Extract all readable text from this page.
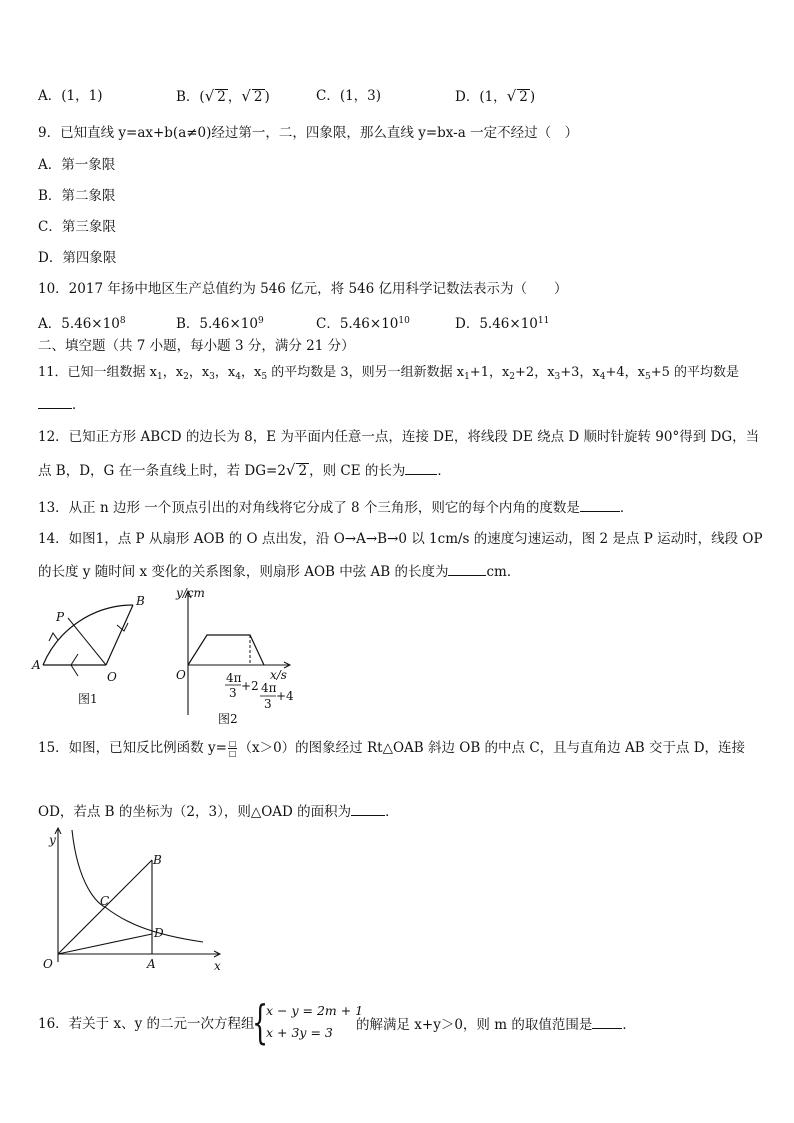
A．(1，1)	B．(√ 2 ，√ 2 )	C．(1，3)	D．(1，√ 2 )
9．已知直线 y=ax+b(a≠0)经过第一，二，四象限，那么直线 y=bx-a 一定不经过（　）
A．第一象限
B．第二象限
C．第三象限
D．第四象限
10．2017 年扬中地区生产总值约为 546 亿元，将 546 亿用科学记数法表示为（　　）
A．$5.46\times 10^8$	B．$5.46\times 10^9$	C．$5.46\times 10^{10}$	D．$5.46\times 10^{11}$
二、填空题（共 7 小题，每小题 3 分，满分 21 分）
11．已知一组数据 $x_1$，$x_2$，$x_3$，$x_4$，$x_5$ 的平均数是 3，则另一组新数据 $x_1+1$，$x_2+2$，$x_3+3$，$x_4+4$，$x_5+5$ 的平均数是
．
12．已知正方形 ABCD 的边长为 8，E 为平面内任意一点，连接 DE，将线段 DE 绕点 D 顺时针旋转 90°得到 DG，当
点 B，D，G 在一条直线上时，若 DG=2√ 2 ，则 CE 的长为 ．
13．从正 n 边形 一个顶点引出的对角线将它分成了 8 个三角形，则它的每个内角的度数是	．
14．如图1，点 P 从扇形 AOB 的 O 点出发，沿 O→A→B→0 以 1cm/s 的速度匀速运动，图 2 是点 P 运动时，线段 OP
的长度 y 随时间 x 变化的关系图象，则扇形 AOB 中弦 AB 的长度为	cm．
A
O
B
P
图1
y/cm
x/s
O	4π
3 +2 4π
3
+4
图2
15．如图，已知反比例函数 $y= \frac{□}{□} (x>0)$的图象经过 Rt△OAB 斜边 OB 的中点 C，且与直角边 AB 交于点 D，连接
OD，若点 B 的坐标为（2，3），则△OAD 的面积为	．
y
x
O	A
B
C
D
16．若关于 x、y 的二元一次方程组
{
x − y = 2m + 1
x + 3y = 3 的解满足 x+y＞0，则 m 的取值范围是 ．
